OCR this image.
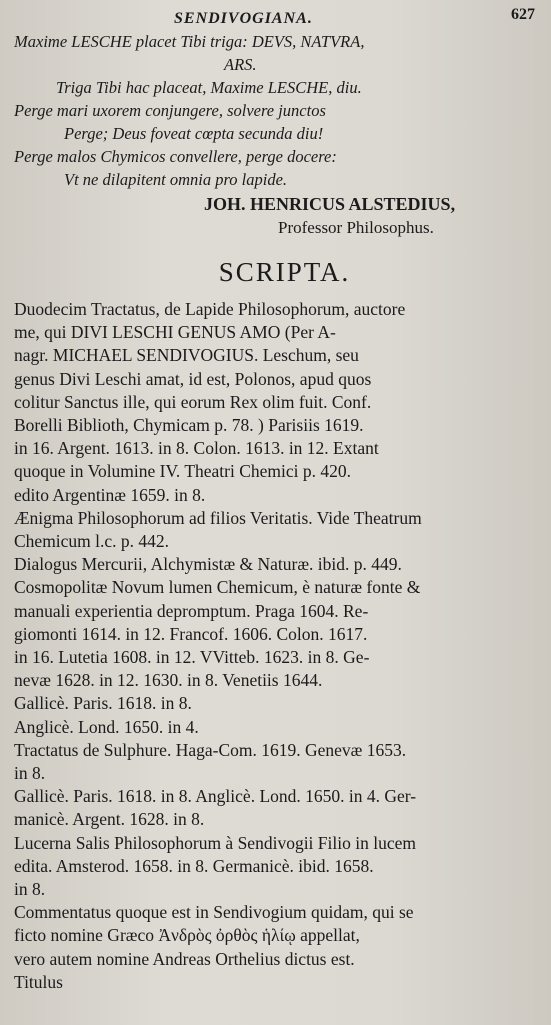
SENDIVOGIANA.	627
Maxime LESCHE placet Tibi triga: DEVS, NATVRA,
ARS.
Triga Tibi hac placeat, Maxime LESCHE, diu.
Perge mari uxorem conjungere, solvere junctos
Perge; Deus foveat cœpta secunda diu!
Perge malos Chymicos convellere, perge docere:
Vt ne dilapitent omnia pro lapide.
JOH. HENRICUS ALSTEDIUS,
Professor Philosophus.
SCRIPTA.

Duodecim Tractatus, de Lapide Philosophorum, auctore
me, qui DIVI LESCHI GENUS AMO (Per A-
nagr. MICHAEL SENDIVOGIUS. Leschum, seu
genus Divi Leschi amat, id est, Polonos, apud quos
colitur Sanctus ille, qui eorum Rex olim fuit. Conf.
Borelli Biblioth, Chymicam p. 78. ) Parisiis 1619.
in 16. Argent. 1613. in 8. Colon. 1613. in 12. Extant
quoque in Volumine IV. Theatri Chemici p. 420.
edito Argentinæ 1659. in 8.

Ænigma Philosophorum ad filios Veritatis. Vide Theatrum
Chemicum l.c. p. 442.

Dialogus Mercurii, Alchymistæ & Naturæ. ibid. p. 449.

Cosmopolitæ Novum lumen Chemicum, è naturæ fonte &
manuali experientia depromptum. Praga 1604. Re-
giomonti 1614. in 12. Francof. 1606. Colon. 1617.
in 16. Lutetia 1608. in 12. VVitteb. 1623. in 8. Ge-
nevæ 1628. in 12. 1630. in 8. Venetiis 1644.

Gallicè. Paris. 1618. in 8.

Anglicè. Lond. 1650. in 4.

Tractatus de Sulphure. Haga-Com. 1619. Genevæ 1653.
in 8.

Gallicè. Paris. 1618. in 8. Anglicè. Lond. 1650. in 4. Ger-
manicè. Argent. 1628. in 8.

Lucerna Salis Philosophorum à Sendivogii Filio in lucem
edita. Amsterod. 1658. in 8. Germanicè. ibid. 1658.
in 8.

Commentatus quoque est in Sendivogium quidam, qui se
ficto nomine Græco Ἀνδρὸς ὀρθὸς ἡλίῳ appellat,
vero autem nomine Andreas Orthelius dictus est.
Titulus
